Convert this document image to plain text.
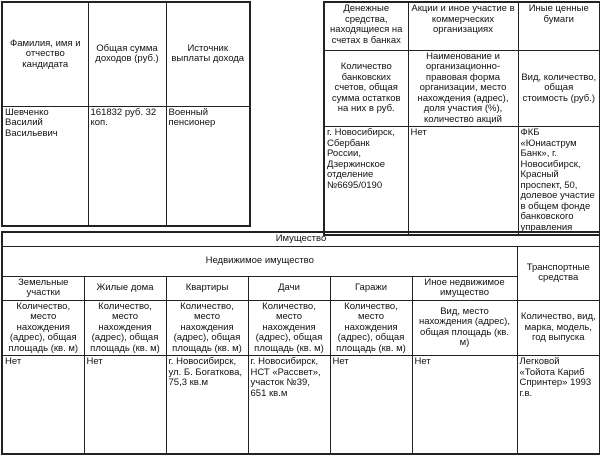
Фамилия, имя и отчество кандидата	Общая сумма доходов (руб.)	Источник выплаты дохода
Шевченко Василий Васильевич	161832 руб. 32 коп.	Военный пенсионер
Денежные средства, находящиеся на счетах в банках	Акции и иное участие в коммерческих организациях	Иные ценные бумаги
Количество банковских счетов, общая сумма остатков на них в руб.	Наименование и организационно-правовая форма организации, место нахождения (адрес), доля участия (%), количество акций	Вид, количество, общая стоимость (руб.)
г. Новосибирск, Сбербанк России, Дзержинское отделение №6695/0190	Нет	ФКБ «Юниаструм Банк», г. Новосибирск, Красный проспект, 50, долевое участие в общем фонде банковского управления
Имущество						
Недвижимое имущество						Транспортные средства
Земельные участки	Жилые дома	Квартиры	Дачи	Гаражи	Иное недвижимое имущество	
Количество, место нахождения (адрес), общая площадь (кв. м)	Количество, место нахождения (адрес), общая площадь (кв. м)	Количество, место нахождения (адрес), общая площадь (кв. м)	Количество, место нахождения (адрес), общая площадь (кв. м)	Количество, место нахождения (адрес), общая площадь (кв. м)	Вид, место нахождения (адрес), общая площадь (кв. м)	Количество, вид, марка, модель, год выпуска
Нет	Нет	г. Новосибирск, ул. Б. Богаткова, 75,3 кв.м	г. Новосибирск, НСТ «Рассвет», участок №39, 651 кв.м	Нет	Нет	Легковой «Тойота Кариб Спринтер» 1993 г.в.
